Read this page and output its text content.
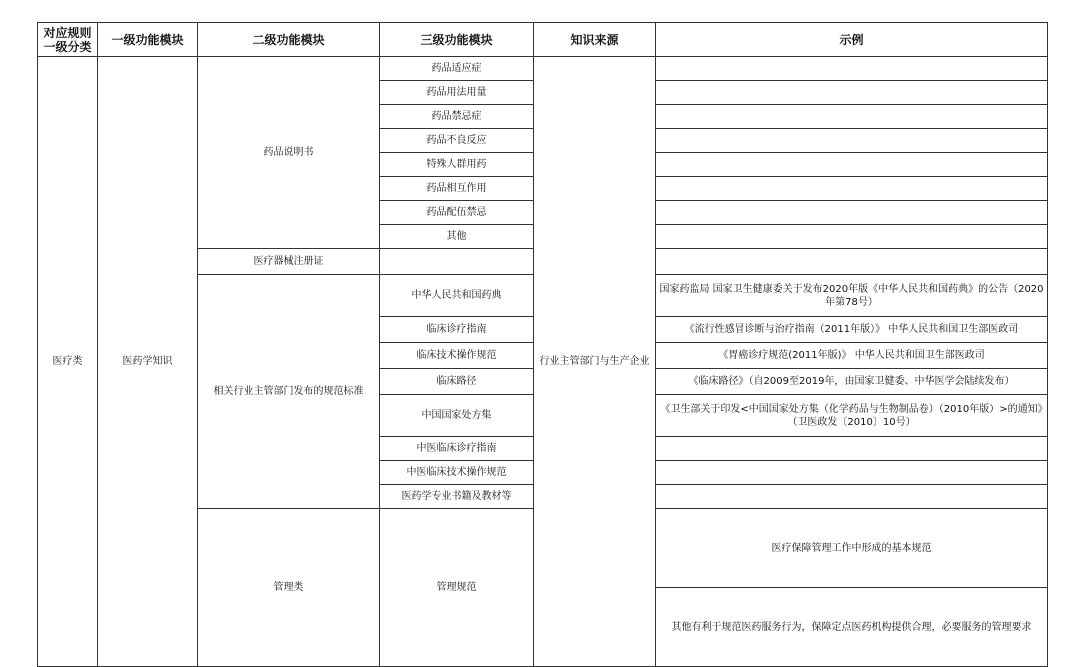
对应规则一级分类	一级功能模块	二级功能模块	三级功能模块	知识来源	示例	
医疗类	医药学知识	药品说明书	药品适应症	行业主管部门与生产企业		
			药品用法用量			
			药品禁忌症			
			药品不良反应			
			特殊人群用药			
			药品相互作用			
			药品配伍禁忌			
			其他			
		医疗器械注册证				
		相关行业主管部门发布的规范标准	中华人民共和国药典		国家药监局 国家卫生健康委关于发布2020年版《中华人民共和国药典》的公告（2020年第78号）	
			临床诊疗指南		《流行性感冒诊断与治疗指南（2011年版）》 中华人民共和国卫生部医政司	
			临床技术操作规范		《胃癌诊疗规范(2011年版)》 中华人民共和国卫生部医政司	
			临床路径		《临床路径》（自2009至2019年，由国家卫健委、中华医学会陆续发布）	
			中国国家处方集		《卫生部关于印发<中国国家处方集（化学药品与生物制品卷）（2010年版）>的通知》（卫医政发〔2010〕10号）	
			中医临床诊疗指南			
			中医临床技术操作规范			
			医药学专业书籍及教材等			
		管理类	管理规范		医疗保障管理工作中形成的基本规范			
					其他有利于规范医药服务行为，保障定点医药机构提供合理，必要服务的管理要求			
